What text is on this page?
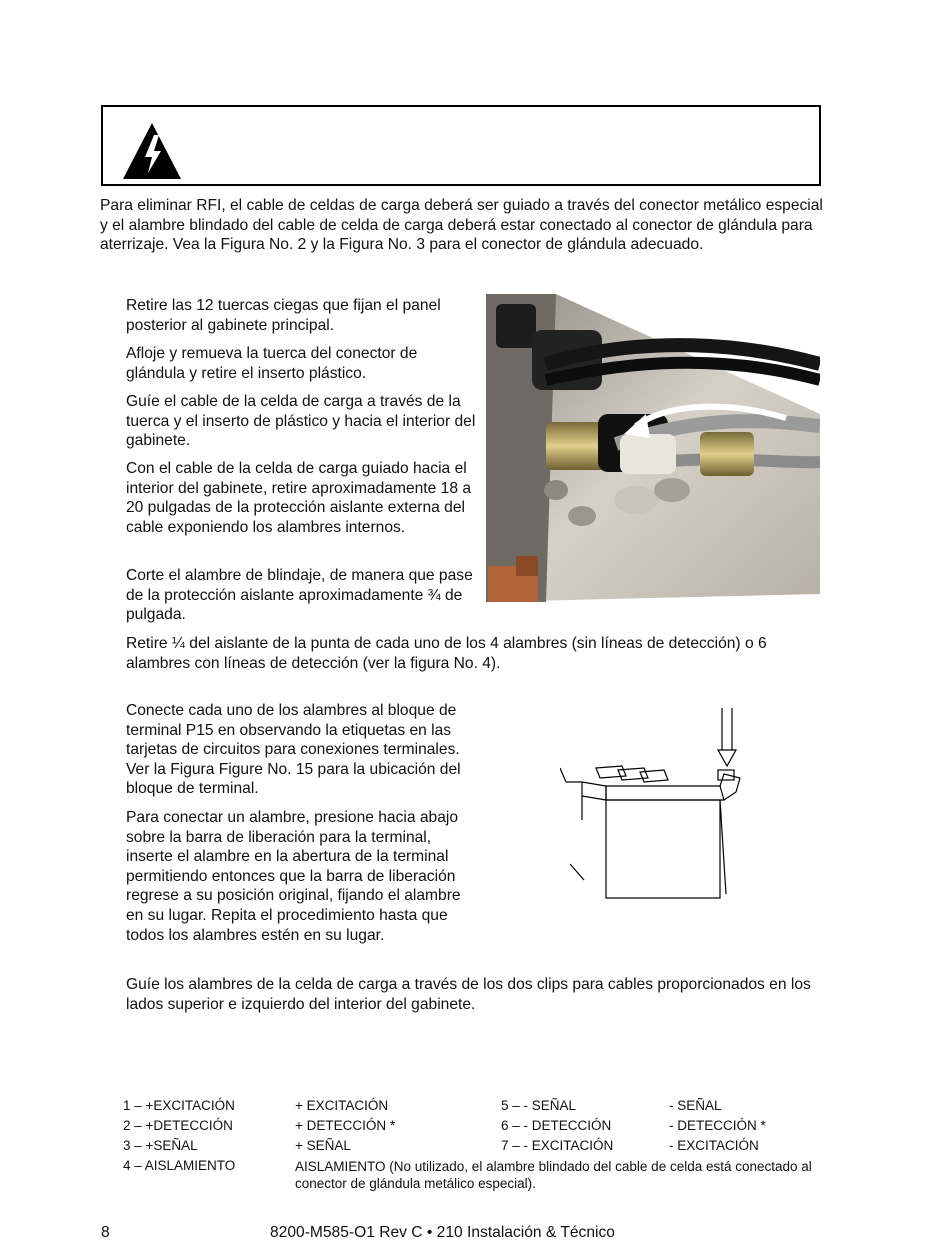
Para eliminar RFI, el cable de celdas de carga deberá ser guiado a través del conector metálico especial y el alambre blindado del cable de celda de carga deberá estar conectado al conector de glándula para aterrizaje. Vea la Figura No. 2 y la Figura No. 3 para el conector de glándula adecuado.

Retire las 12 tuercas ciegas que fijan el panel posterior al gabinete principal.

Afloje y remueva la tuerca del conector de glándula y retire el inserto plástico.

Guíe el cable de la celda de carga a través de la tuerca y el inserto de plástico y hacia el interior del gabinete.

Con el cable de la celda de carga guiado hacia el interior del gabinete, retire aproximadamente 18 a 20 pulgadas de la protección aislante externa del cable exponiendo los alambres internos.

Corte el alambre de blindaje, de manera que pase de la protección aislante aproximadamente ¾ de pulgada.

Retire ¼ del aislante de la punta de cada uno de los 4 alambres (sin líneas de detección) o 6 alambres con líneas de detección (ver la figura No. 4).

Conecte cada uno de los alambres al bloque de terminal P15 en observando la etiquetas en las tarjetas de circuitos para conexiones terminales. Ver la Figura Figure No. 15 para la ubicación del bloque de terminal.

Para conectar un alambre, presione hacia abajo sobre la barra de liberación para la terminal, inserte el alambre en la abertura de la terminal permitiendo entonces que la barra de liberación regrese a su posición original, fijando el alambre en su lugar. Repita el procedimiento hasta que todos los alambres estén en su lugar.

Guíe los alambres de la celda de carga a través de los dos clips para cables proporcionados en los lados superior e izquierdo del interior del gabinete.

1 – +EXCITACIÓN	+ EXCITACIÓN	5 – - SEÑAL	- SEÑAL
2 – +DETECCIÓN	+ DETECCIÓN *	6 – - DETECCIÓN	- DETECCIÓN *
3 – +SEÑAL	+ SEÑAL	7 – - EXCITACIÓN	- EXCITACIÓN
4 – AISLAMIENTO	AISLAMIENTO (No utilizado, el alambre blindado del cable de celda está conectado al conector de glándula metálico especial).		
8	8200-M585-O1 Rev C • 210 Instalación & Técnico
